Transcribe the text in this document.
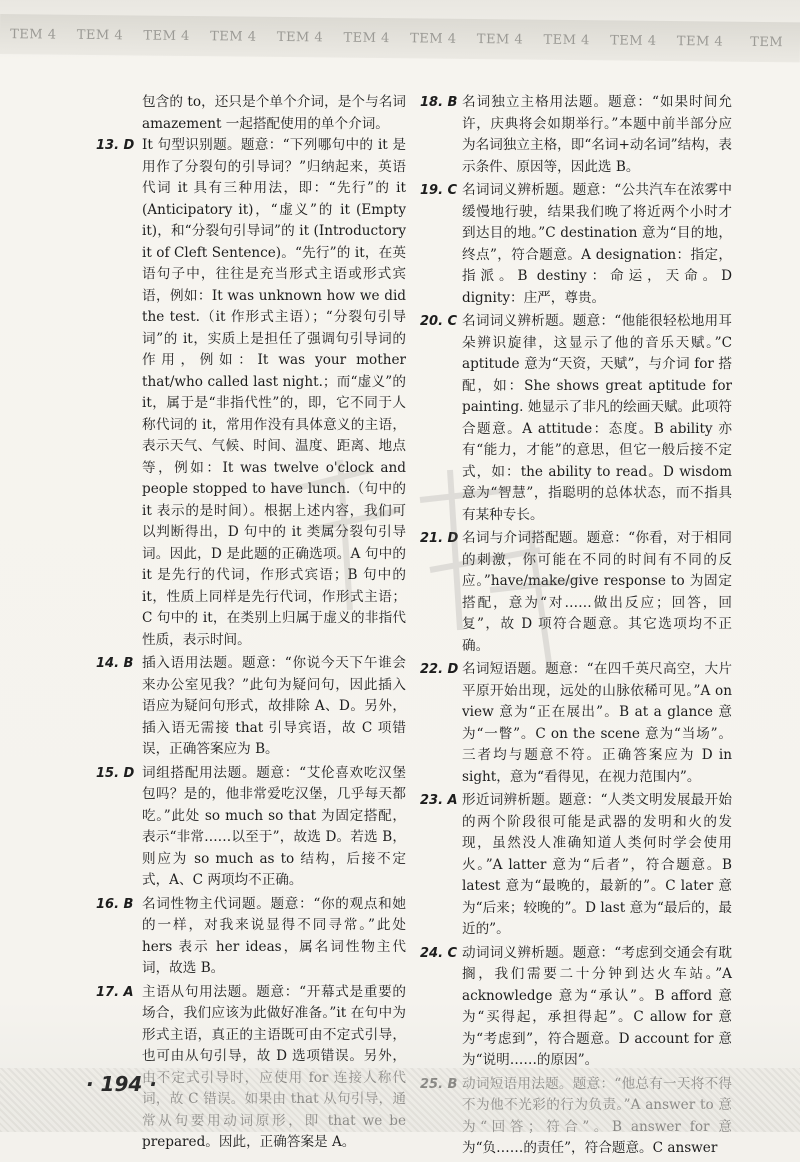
TEM 4	TEM 4	TEM 4	TEM 4	TEM 4	TEM 4	TEM 4	TEM 4	TEM 4	TEM 4	TEM 4	TEM
包含的 to，还只是个单个介词，是个与名词 amazement 一起搭配使用的单个介词。
13. D It 句型识别题。题意：“下列哪句中的 it 是用作了分裂句的引导词？”归纳起来，英语代词 it 具有三种用法，即：“先行”的 it (Anticipatory it)，“虚义”的 it (Empty it)，和“分裂句引导词”的 it (Introductory it of Cleft Sentence)。“先行”的 it，在英语句子中，往往是充当形式主语或形式宾语，例如：It was unknown how we did the test.（it 作形式主语）；“分裂句引导词”的 it，实质上是担任了强调句引导词的作用，例如：It was your mother that/who called last night.；而“虚义”的 it，属于是“非指代性”的，即，它不同于人称代词的 it，常用作没有具体意义的主语，表示天气、气候、时间、温度、距离、地点等，例如：It was twelve o'clock and people stopped to have lunch.（句中的 it 表示的是时间）。根据上述内容，我们可以判断得出，D 句中的 it 类属分裂句引导词。因此，D 是此题的正确选项。A 句中的 it 是先行的代词，作形式宾语；B 句中的 it，性质上同样是先行代词，作形式主语；C 句中的 it，在类别上归属于虚义的非指代性质，表示时间。
14. B 插入语用法题。题意：“你说今天下午谁会来办公室见我？”此句为疑问句，因此插入语应为疑问句形式，故排除 A、D。另外，插入语无需接 that 引导宾语，故 C 项错误，正确答案应为 B。
15. D 词组搭配用法题。题意：“艾伦喜欢吃汉堡包吗？是的，他非常爱吃汉堡，几乎每天都吃。”此处 so much so that 为固定搭配，表示“非常……以至于”，故选 D。若选 B，则应为 so much as to 结构，后接不定式，A、C 两项均不正确。
16. B 名词性物主代词题。题意：“你的观点和她的一样，对我来说显得不同寻常。”此处 hers 表示 her ideas，属名词性物主代词，故选 B。
17. A 主语从句用法题。题意：“开幕式是重要的场合，我们应该为此做好准备。”it 在句中为形式主语，真正的主语既可由不定式引导，也可由从句引导，故 D 选项错误。另外， prepared。因此，正确答案是 A。
18. B 名词独立主格用法题。题意：“如果时间允许，庆典将会如期举行。”本题中前半部分应为名词独立主格，即“名词+动名词”结构，表示条件、原因等，因此选 B。
19. C 名词词义辨析题。题意：“公共汽车在浓雾中缓慢地行驶，结果我们晚了将近两个小时才到达目的地。”C destination 意为“目的地，终点”，符合题意。A designation：指定，指派。B destiny：命运，天命。D dignity：庄严，尊贵。
20. C 名词词义辨析题。题意：“他能很轻松地用耳朵辨识旋律，这显示了他的音乐天赋。”C aptitude 意为“天资，天赋”，与介词 for 搭配，如：She shows great aptitude for painting. 她显示了非凡的绘画天赋。此项符合题意。A attitude：态度。B ability 亦有“能力，才能”的意思，但它一般后接不定式，如：the ability to read。D wisdom 意为“智慧”，指聪明的总体状态，而不指具有某种专长。
21. D 名词与介词搭配题。题意：“你看，对于相同的刺激，你可能在不同的时间有不同的反应。”have/make/give response to 为固定搭配，意为“对……做出反应；回答，回复”，故 D 项符合题意。其它选项均不正确。
22. D 名词短语题。题意：“在四千英尺高空，大片平原开始出现，远处的山脉依稀可见。”A on view 意为“正在展出”。B at a glance 意为“一瞥”。C on the scene 意为“当场”。三者均与题意不符。正确答案应为 D in sight，意为“看得见，在视力范围内”。
23. A 形近词辨析题。题意：“人类文明发展最开始的两个阶段很可能是武器的发明和火的发现，虽然没人准确知道人类何时学会使用火。”A latter 意为“后者”，符合题意。B latest 意为“最晚的，最新的”。C later 意为“后来；较晚的”。D last 意为“最后的，最近的”。
24. C 动词词义辨析题。题意：“考虑到交通会有耽搁，我们需要二十分钟到达火车站。”A acknowledge 意为“承认”。B afford 意为“买得起，承担得起”。C allow for 意为“考虑到”，符合题意。D account for 意为“说明……的原因”。
为“负……的责任”，符合题意。C answer
· 194 ·
